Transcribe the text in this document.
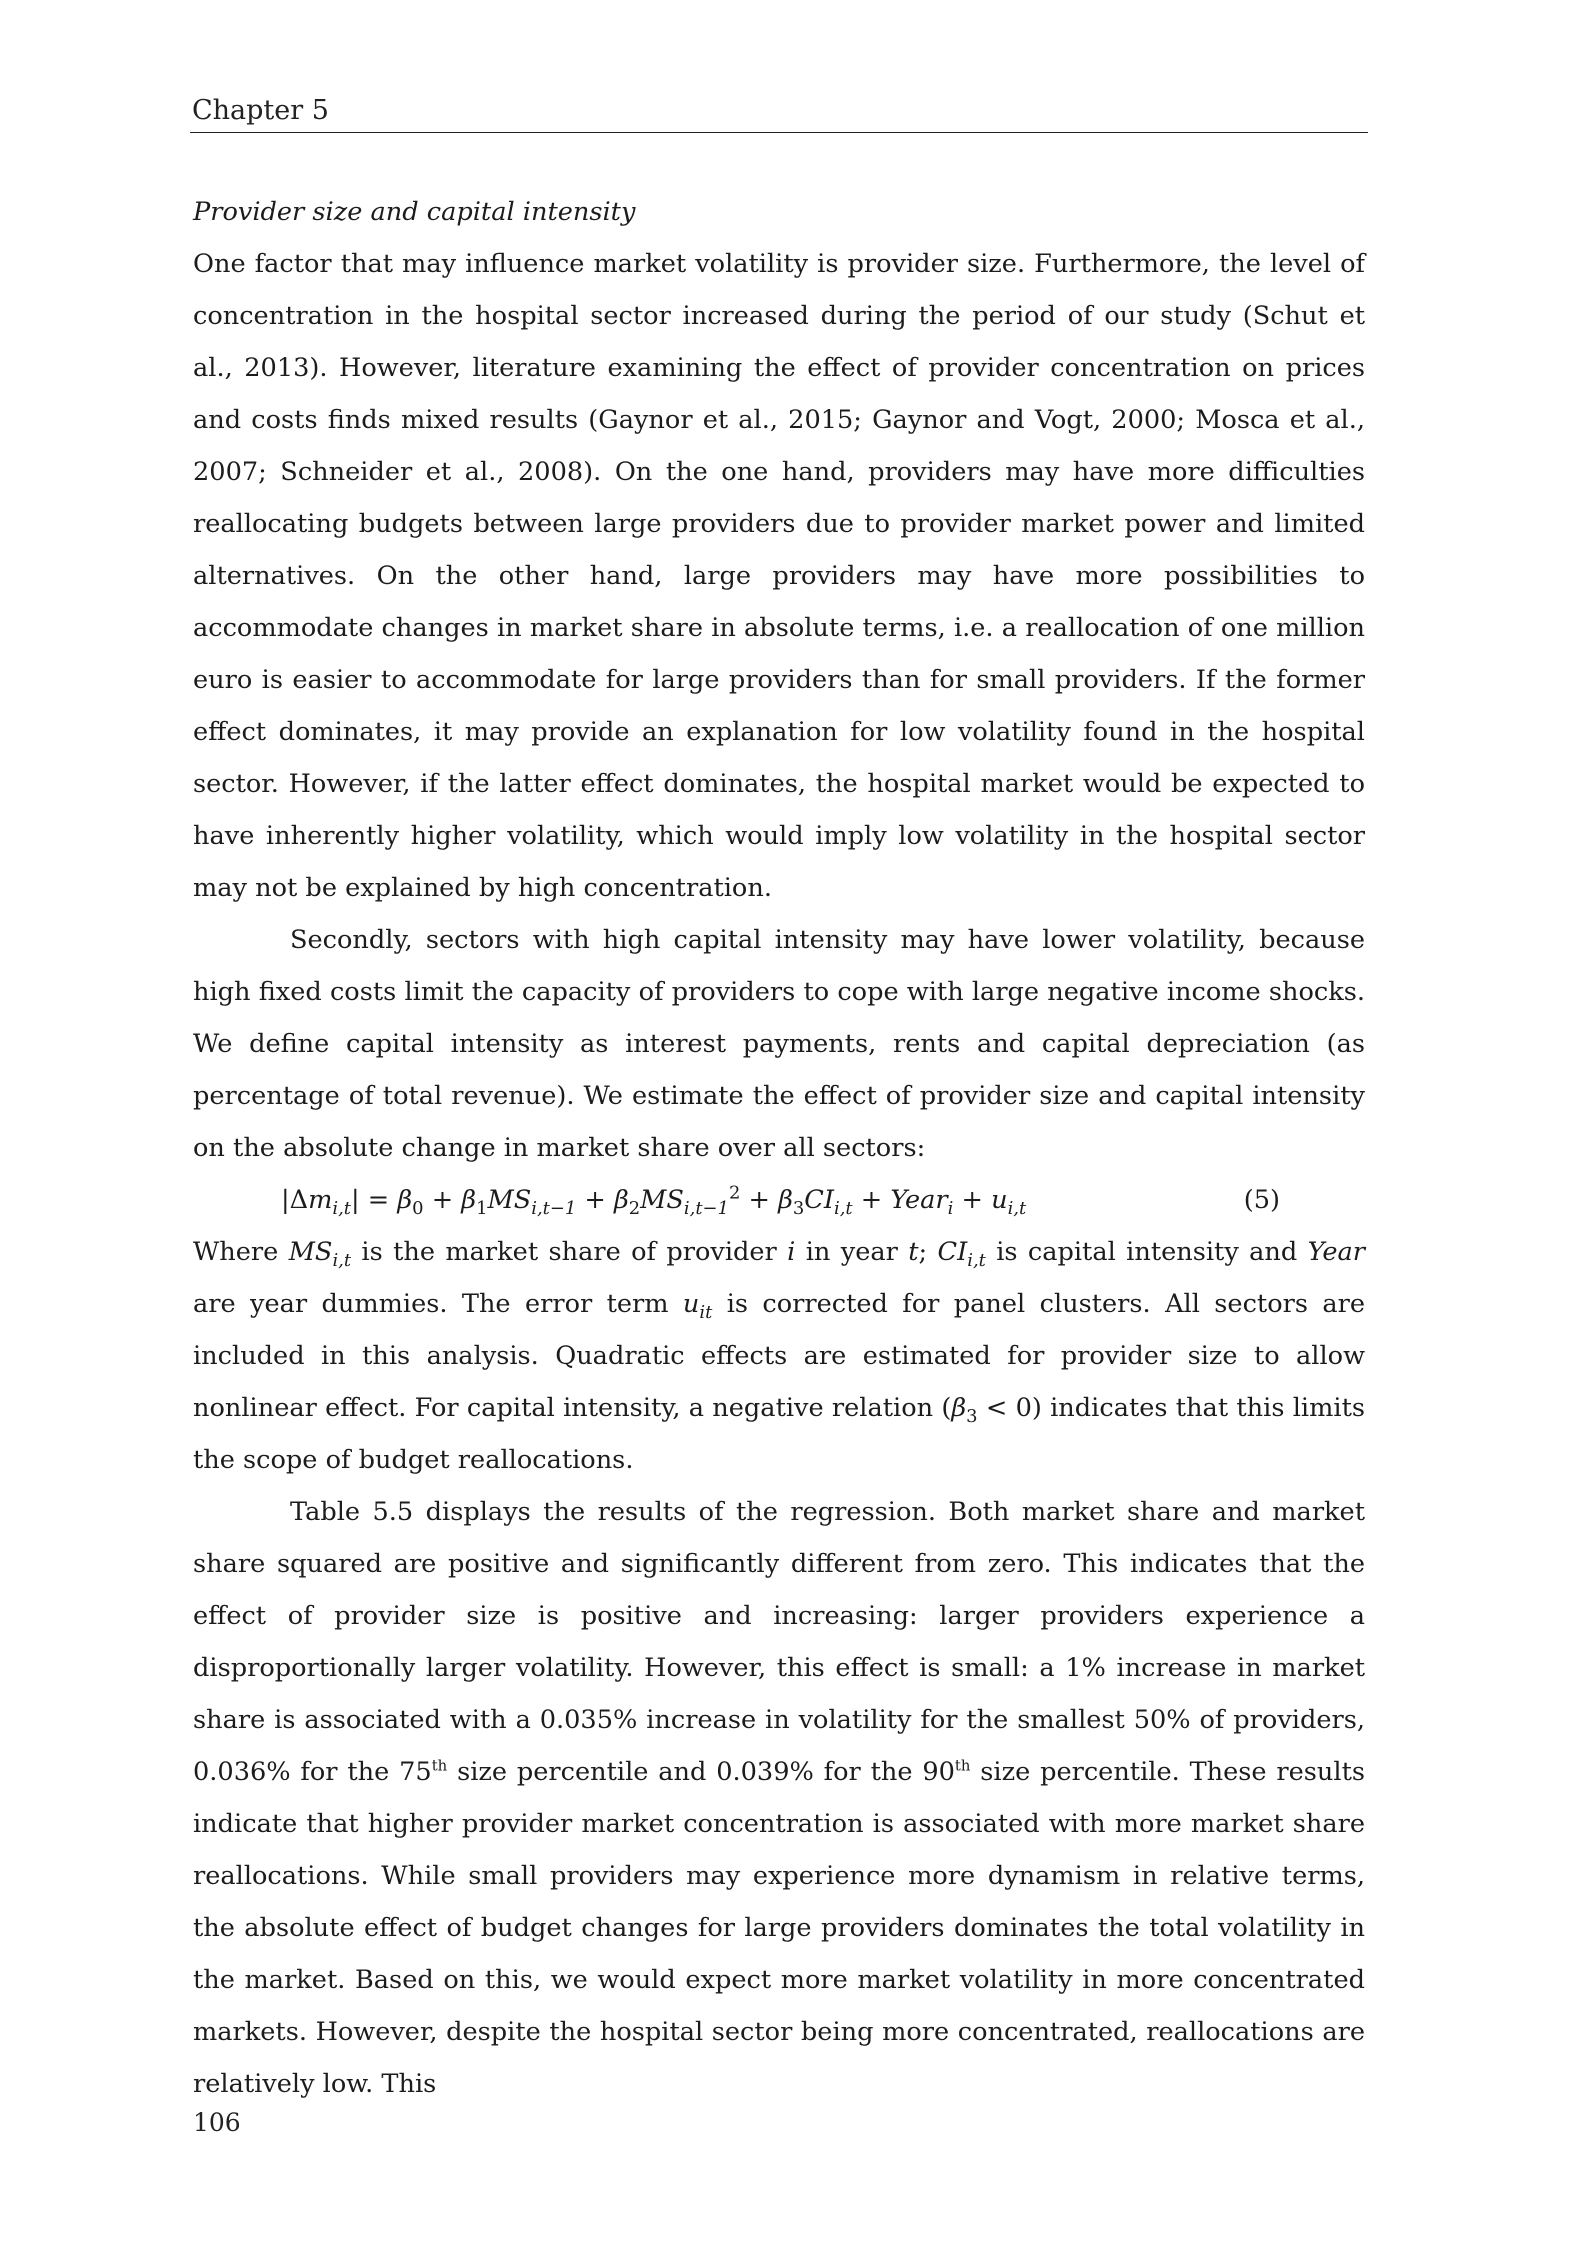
Chapter 5
Provider size and capital intensity

One factor that may influence market volatility is provider size. Furthermore, the level of concentration in the hospital sector increased during the period of our study (Schut et al., 2013). However, literature examining the effect of provider concentration on prices and costs finds mixed results (Gaynor et al., 2015; Gaynor and Vogt, 2000; Mosca et al., 2007; Schneider et al., 2008). On the one hand, providers may have more difficulties reallocating budgets between large providers due to provider market power and limited alternatives. On the other hand, large providers may have more possibilities to accommodate changes in market share in absolute terms, i.e. a reallocation of one million euro is easier to accommodate for large providers than for small providers. If the former effect dominates, it may provide an explanation for low volatility found in the hospital sector. However, if the latter effect dominates, the hospital market would be expected to have inherently higher volatility, which would imply low volatility in the hospital sector may not be explained by high concentration.

Secondly, sectors with high capital intensity may have lower volatility, because high fixed costs limit the capacity of providers to cope with large negative income shocks. We define capital intensity as interest payments, rents and capital depreciation (as percentage of total revenue). We estimate the effect of provider size and capital intensity on the absolute change in market share over all sectors:

$|\Delta m_{i,t}| = \beta_0 + \beta_1MS_{i,t-1} + \beta_2MS_{i,t-1}^2 + \beta_3CI_{i,t}$ + Year$_i$ + $u_{i,t}$	(5)

Where $MS_{i,t}$ is the market share of provider i in year t; $CI_{i,t}$ is capital intensity and Year are year dummies. The error term $u_{it}$ is corrected for panel clusters. All sectors are included in this analysis. Quadratic effects are estimated for provider size to allow nonlinear effect. For capital intensity, a negative relation $(\beta_3 < 0)$ indicates that this limits the scope of budget reallocations.

Table 5.5 displays the results of the regression. Both market share and market share squared are positive and significantly different from zero. This indicates that the effect of provider size is positive and increasing: larger providers experience a disproportionally larger volatility. However, this effect is small: a 1% increase in market share is associated with a 0.035% increase in volatility for the smallest 50% of providers, 0.036% for the 75th size percentile and 0.039% for the 90th size percentile. These results indicate that higher provider market concentration is associated with more market share reallocations. While small providers may experience more dynamism in relative terms, the absolute effect of budget changes for large providers dominates the total volatility in the market. Based on this, we would expect more market volatility in more concentrated markets. However, despite the hospital sector being more concentrated, reallocations are relatively low. This

106
